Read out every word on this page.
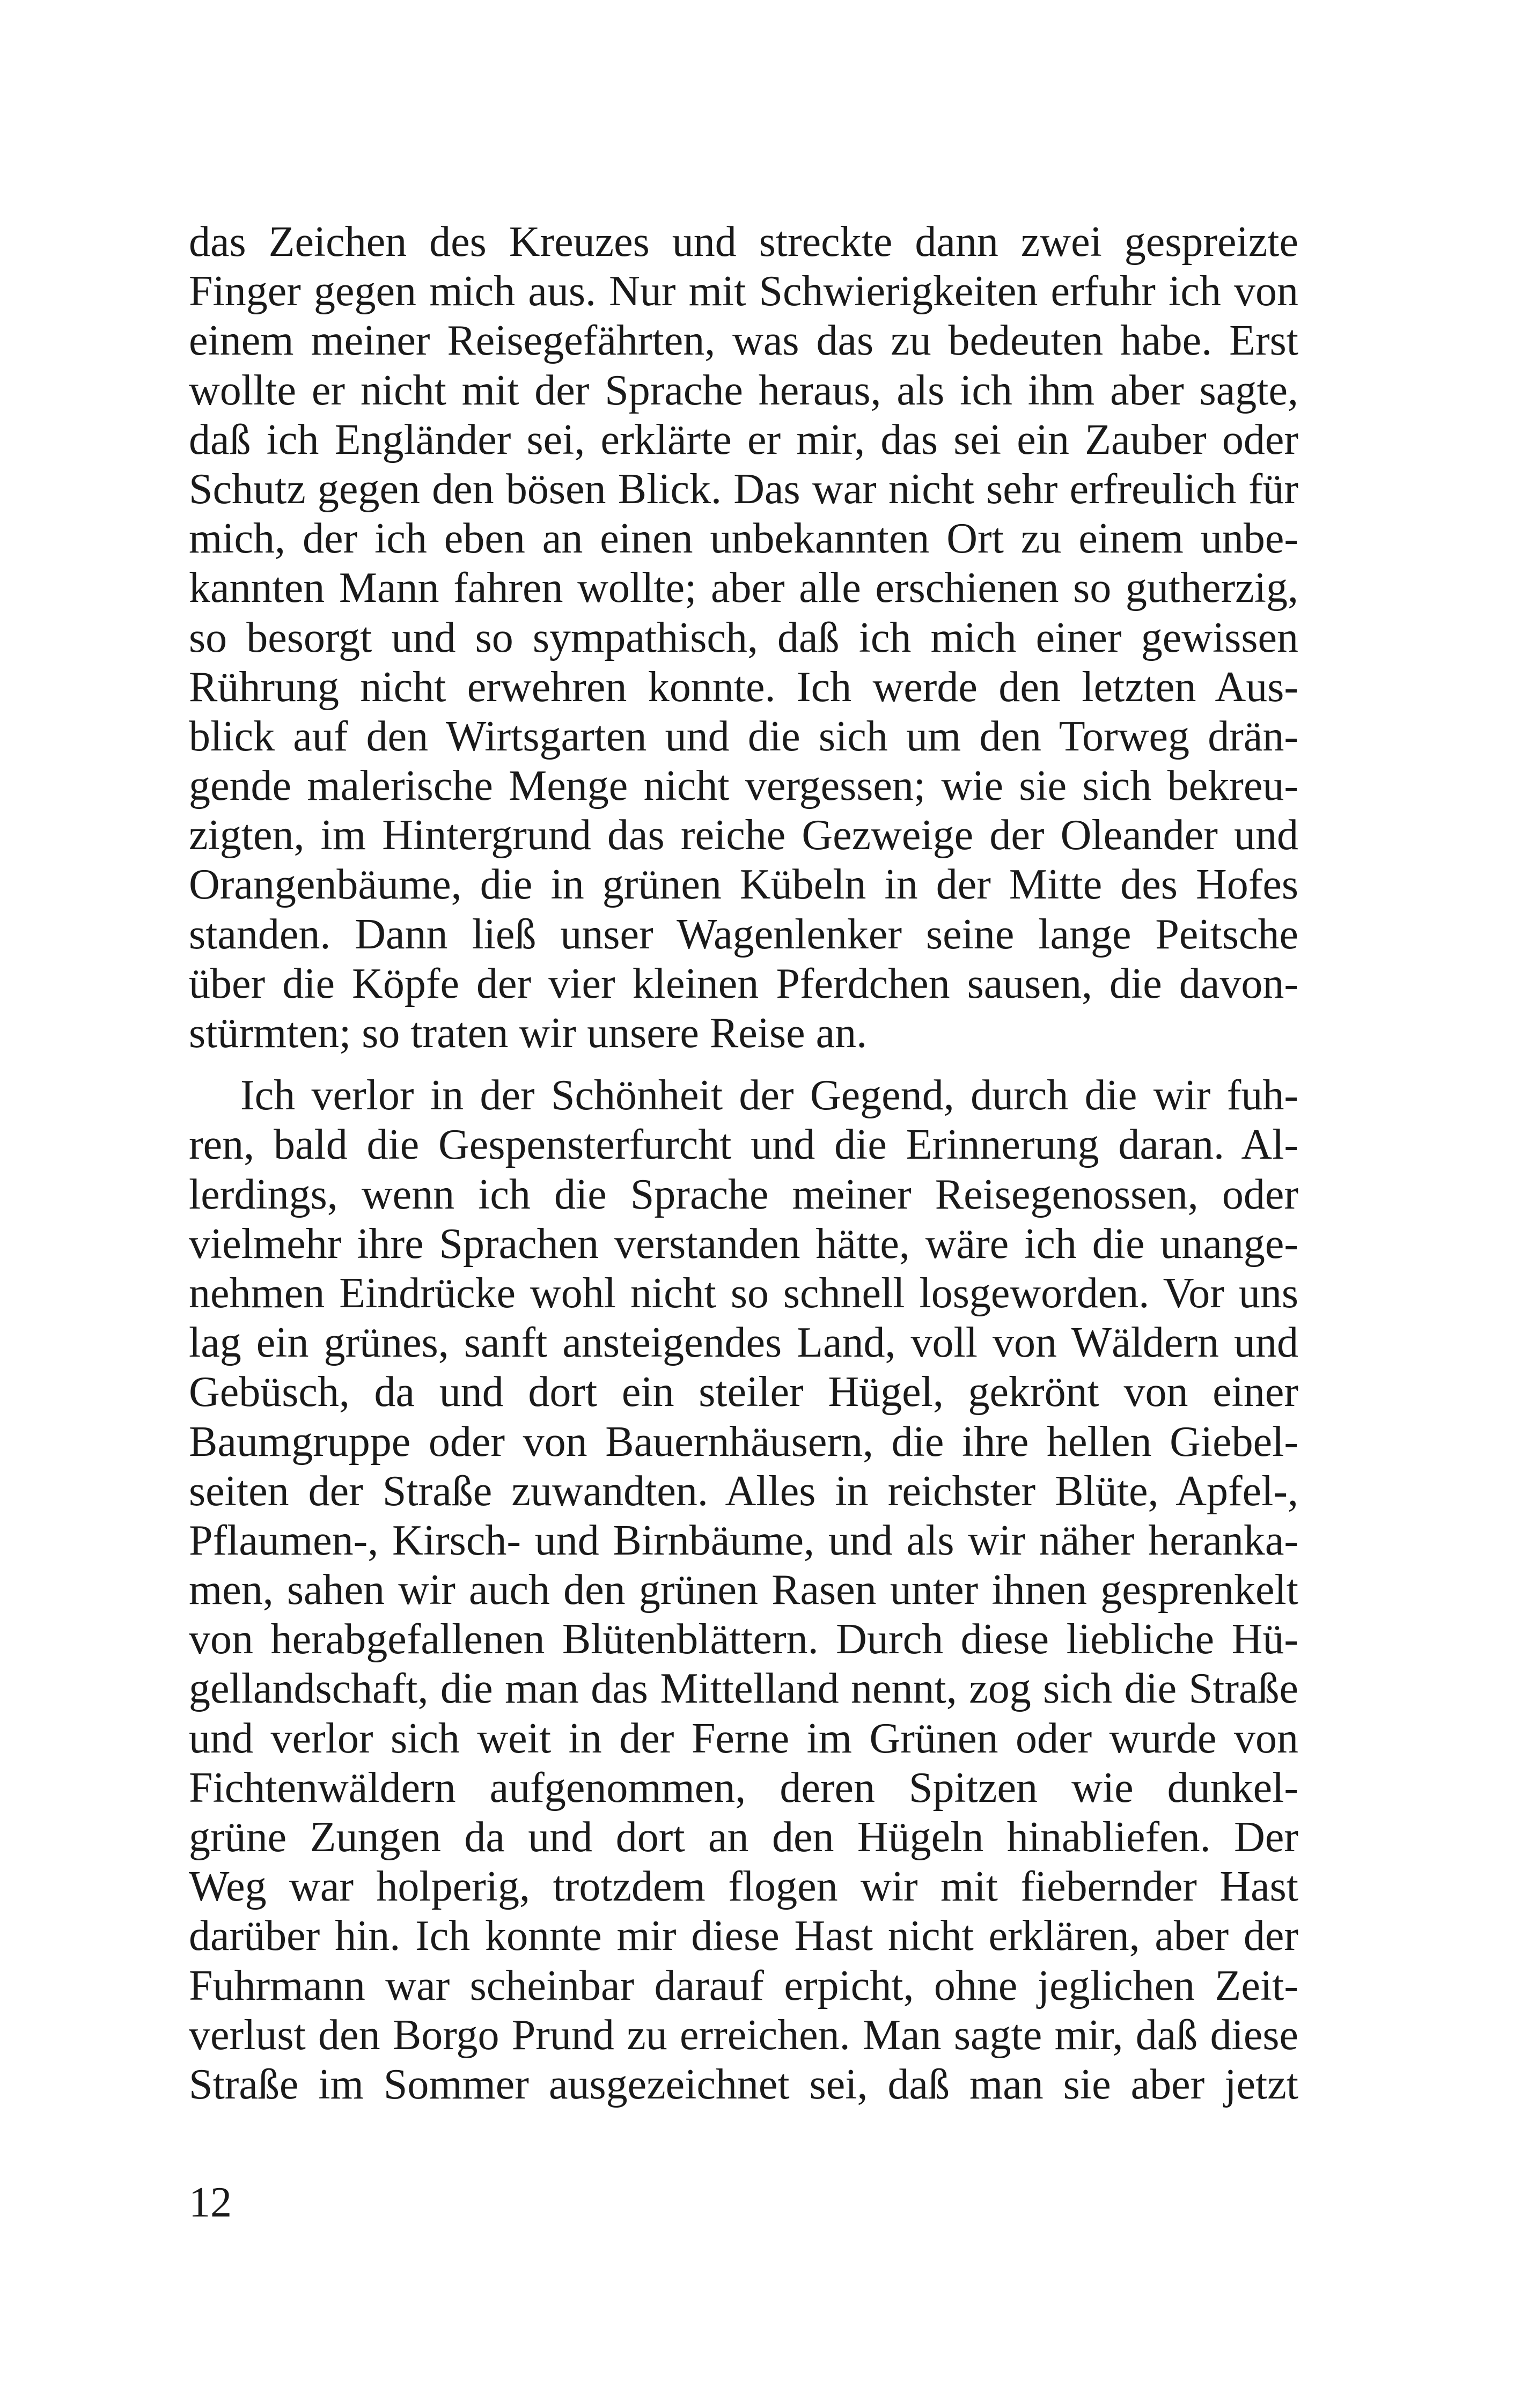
das Zeichen des Kreuzes und streckte dann zwei gespreizte
Finger gegen mich aus. Nur mit Schwierigkeiten erfuhr ich von
einem meiner Reisegefährten, was das zu bedeuten habe. Erst
wollte er nicht mit der Sprache heraus, als ich ihm aber sagte,
daß ich Engländer sei, erklärte er mir, das sei ein Zauber oder
Schutz gegen den bösen Blick. Das war nicht sehr erfreulich für
mich, der ich eben an einen unbekannten Ort zu einem unbe-
kannten Mann fahren wollte; aber alle erschienen so gutherzig,
so besorgt und so sympathisch, daß ich mich einer gewissen
Rührung nicht erwehren konnte. Ich werde den letzten Aus-
blick auf den Wirtsgarten und die sich um den Torweg drän-
gende malerische Menge nicht vergessen; wie sie sich bekreu-
zigten, im Hintergrund das reiche Gezweige der Oleander und
Orangenbäume, die in grünen Kübeln in der Mitte des Hofes
standen. Dann ließ unser Wagenlenker seine lange Peitsche
über die Köpfe der vier kleinen Pferdchen sausen, die davon-
stürmten; so traten wir unsere Reise an.
Ich verlor in der Schönheit der Gegend, durch die wir fuh-
ren, bald die Gespensterfurcht und die Erinnerung daran. Al-
lerdings, wenn ich die Sprache meiner Reisegenossen, oder
vielmehr ihre Sprachen verstanden hätte, wäre ich die unange-
nehmen Eindrücke wohl nicht so schnell losgeworden. Vor uns
lag ein grünes, sanft ansteigendes Land, voll von Wäldern und
Gebüsch, da und dort ein steiler Hügel, gekrönt von einer
Baumgruppe oder von Bauernhäusern, die ihre hellen Giebel-
seiten der Straße zuwandten. Alles in reichster Blüte, Apfel-,
Pflaumen-, Kirsch- und Birnbäume, und als wir näher heranka-
men, sahen wir auch den grünen Rasen unter ihnen gesprenkelt
von herabgefallenen Blütenblättern. Durch diese liebliche Hü-
gellandschaft, die man das Mittelland nennt, zog sich die Straße
und verlor sich weit in der Ferne im Grünen oder wurde von
Fichtenwäldern aufgenommen, deren Spitzen wie dunkel-
grüne Zungen da und dort an den Hügeln hinabliefen. Der
Weg war holperig, trotzdem flogen wir mit fiebernder Hast
darüber hin. Ich konnte mir diese Hast nicht erklären, aber der
Fuhrmann war scheinbar darauf erpicht, ohne jeglichen Zeit-
verlust den Borgo Prund zu erreichen. Man sagte mir, daß diese
Straße im Sommer ausgezeichnet sei, daß man sie aber jetzt
12
